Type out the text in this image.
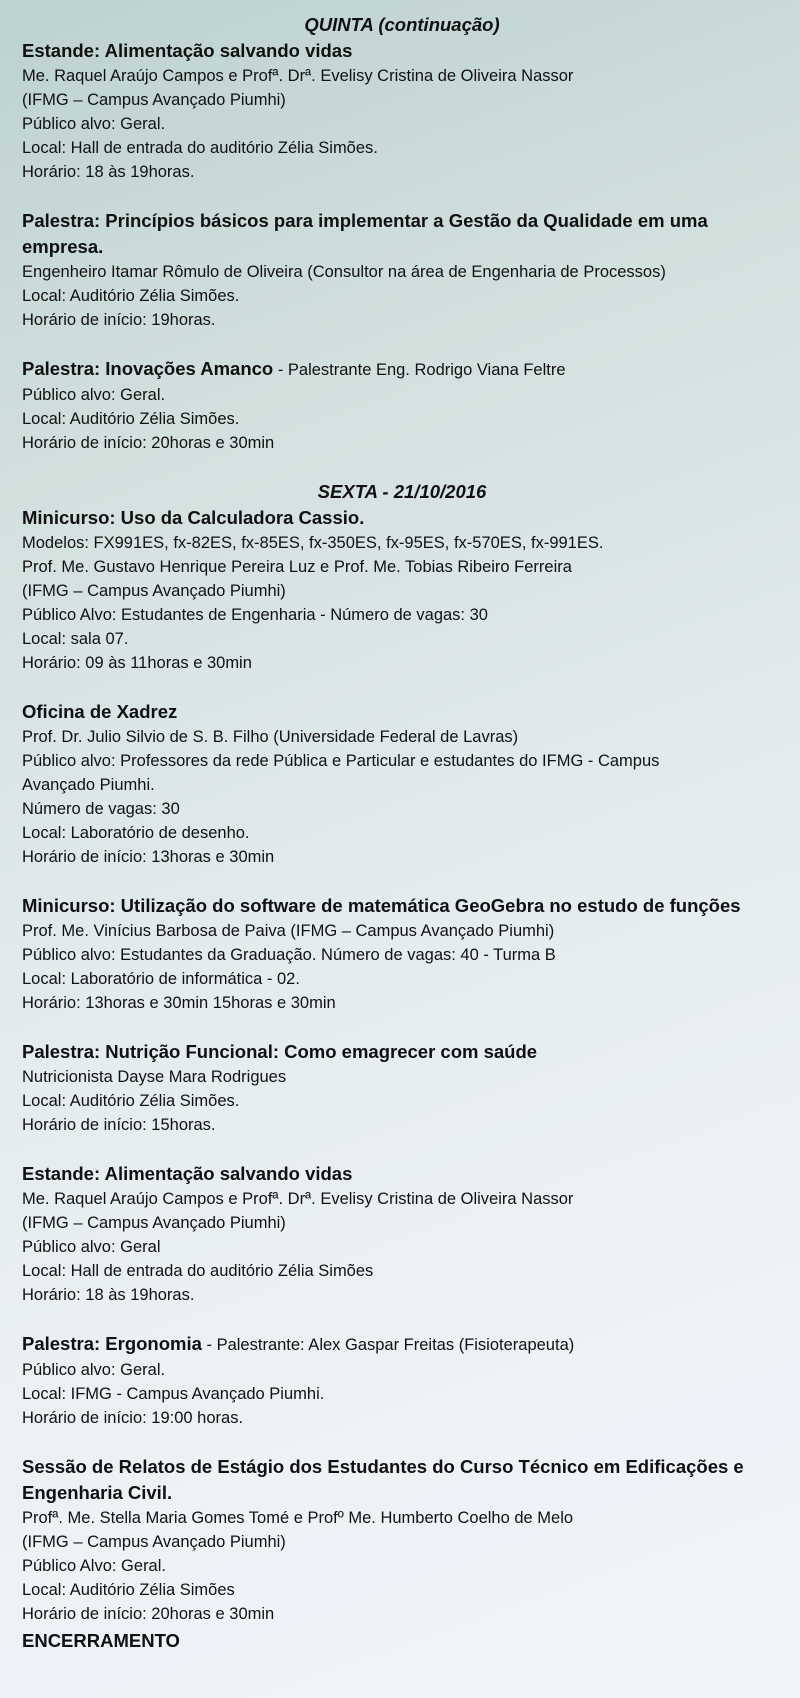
QUINTA (continuação)
Estande: Alimentação salvando vidas
Me. Raquel Araújo Campos e Profª. Drª. Evelisy Cristina de Oliveira Nassor
(IFMG – Campus Avançado Piumhi)
Público alvo: Geral.
Local: Hall de entrada do auditório Zélia Simões.
Horário: 18 às 19horas.
Palestra: Princípios básicos para implementar a Gestão da Qualidade em uma empresa.
Engenheiro Itamar Rômulo de Oliveira (Consultor na área de Engenharia de Processos)
Local: Auditório Zélia Simões.
Horário de início: 19horas.
Palestra: Inovações Amanco - Palestrante Eng. Rodrigo Viana Feltre
Público alvo: Geral.
Local: Auditório Zélia Simões.
Horário de início: 20horas e 30min
SEXTA - 21/10/2016
Minicurso: Uso da Calculadora Cassio.
Modelos: FX991ES, fx-82ES, fx-85ES, fx-350ES, fx-95ES, fx-570ES, fx-991ES.
Prof. Me. Gustavo Henrique Pereira Luz e Prof. Me. Tobias Ribeiro Ferreira
(IFMG – Campus Avançado Piumhi)
Público Alvo: Estudantes de Engenharia - Número de vagas: 30
Local: sala 07.
Horário: 09 às 11horas e 30min
Oficina de Xadrez
Prof. Dr. Julio Silvio de S. B. Filho (Universidade Federal de Lavras)
Público alvo: Professores da rede Pública e Particular e estudantes do IFMG - Campus
Avançado Piumhi.
Número de vagas: 30
Local: Laboratório de desenho.
Horário de início: 13horas e 30min
Minicurso: Utilização do software de matemática GeoGebra no estudo de funções
Prof. Me. Vinícius Barbosa de Paiva (IFMG – Campus Avançado Piumhi)
Público alvo: Estudantes da Graduação. Número de vagas: 40 - Turma B
Local: Laboratório de informática - 02.
Horário: 13horas e 30min 15horas e 30min
Palestra: Nutrição Funcional: Como emagrecer com saúde
Nutricionista Dayse Mara Rodrigues
Local: Auditório Zélia Simões.
Horário de início: 15horas.
Estande: Alimentação salvando vidas
Me. Raquel Araújo Campos e Profª. Drª. Evelisy Cristina de Oliveira Nassor
(IFMG – Campus Avançado Piumhi)
Público alvo: Geral
Local: Hall de entrada do auditório Zélia Simões
Horário: 18 às 19horas.
Palestra: Ergonomia - Palestrante: Alex Gaspar Freitas (Fisioterapeuta)
Público alvo: Geral.
Local: IFMG - Campus Avançado Piumhi.
Horário de início: 19:00 horas.
Sessão de Relatos de Estágio dos Estudantes do Curso Técnico em Edificações e Engenharia Civil.
Profª. Me. Stella Maria Gomes Tomé e Profº Me. Humberto Coelho de Melo
(IFMG – Campus Avançado Piumhi)
Público Alvo: Geral.
Local: Auditório Zélia Simões
Horário de início: 20horas e 30min
ENCERRAMENTO
